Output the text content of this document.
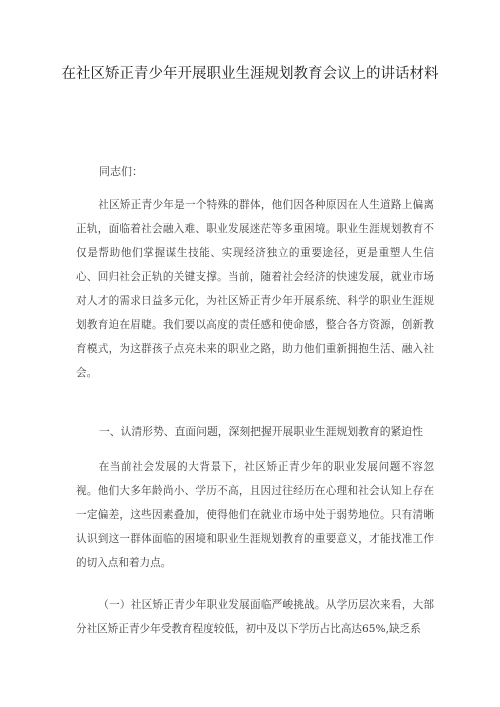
在社区矫正青少年开展职业生涯规划教育会议上的讲话材料
同志们：

社区矫正青少年是一个特殊的群体，他们因各种原因在人生道路上偏离正轨，面临着社会融入难、职业发展迷茫等多重困境。职业生涯规划教育不仅是帮助他们掌握谋生技能、实现经济独立的重要途径，更是重塑人生信心、回归社会正轨的关键支撑。当前，随着社会经济的快速发展，就业市场对人才的需求日益多元化，为社区矫正青少年开展系统、科学的职业生涯规划教育迫在眉睫。我们要以高度的责任感和使命感，整合各方资源，创新教育模式，为这群孩子点亮未来的职业之路，助力他们重新拥抱生活、融入社会。

一、认清形势、直面问题，深刻把握开展职业生涯规划教育的紧迫性

在当前社会发展的大背景下，社区矫正青少年的职业发展问题不容忽视。他们大多年龄尚小、学历不高，且因过往经历在心理和社会认知上存在一定偏差，这些因素叠加，使得他们在就业市场中处于弱势地位。只有清晰认识到这一群体面临的困境和职业生涯规划教育的重要意义，才能找准工作的切入点和着力点。

（一）社区矫正青少年职业发展面临严峻挑战。从学历层次来看，大部分社区矫正青少年受教育程度较低，初中及以下学历占比高达65%,缺乏系
